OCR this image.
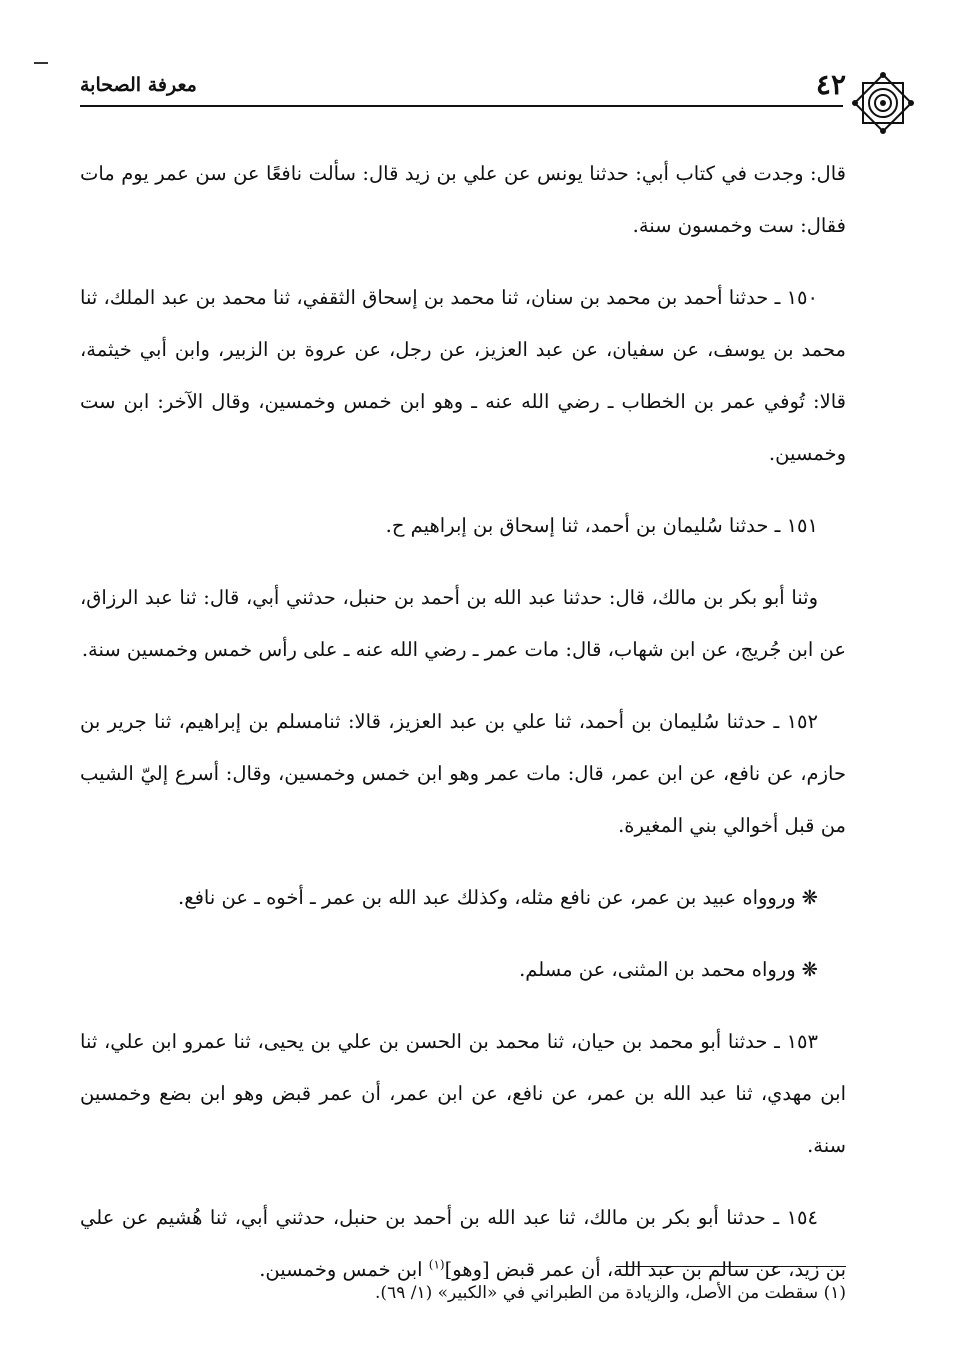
٤٢
معرفة الصحابة

قال: وجدت في كتاب أبي: حدثنا يونس عن علي بن زيد قال: سألت نافعًا عن سن عمر يوم مات فقال: ست وخمسون سنة.

١٥٠ ـ حدثنا أحمد بن محمد بن سنان، ثنا محمد بن إسحاق الثقفي، ثنا محمد بن عبد الملك، ثنا محمد بن يوسف، عن سفيان، عن عبد العزيز، عن رجل، عن عروة بن الزبير، وابن أبي خيثمة، قالا: تُوفي عمر بن الخطاب ـ رضي الله عنه ـ وهو ابن خمس وخمسين، وقال الآخر: ابن ست وخمسين.

١٥١ ـ حدثنا سُليمان بن أحمد، ثنا إسحاق بن إبراهيم ح.

وثنا أبو بكر بن مالك، قال: حدثنا عبد الله بن أحمد بن حنبل، حدثني أبي، قال: ثنا عبد الرزاق، عن ابن جُريج، عن ابن شهاب، قال: مات عمر ـ رضي الله عنه ـ على رأس خمس وخمسين سنة.

١٥٢ ـ حدثنا سُليمان بن أحمد، ثنا علي بن عبد العزيز، قالا: ثنامسلم بن إبراهيم، ثنا جرير بن حازم، عن نافع، عن ابن عمر، قال: مات عمر وهو ابن خمس وخمسين، وقال: أسرع إليّ الشيب من قبل أخوالي بني المغيرة.

❋وروواه عبيد بن عمر، عن نافع مثله، وكذلك عبد الله بن عمر ـ أخوه ـ عن نافع.

❋ورواه محمد بن المثنى، عن مسلم.

١٥٣ ـ حدثنا أبو محمد بن حيان، ثنا محمد بن الحسن بن علي بن يحيى، ثنا عمرو ابن علي، ثنا ابن مهدي، ثنا عبد الله بن عمر، عن نافع، عن ابن عمر، أن عمر قبض وهو ابن بضع وخمسين سنة.

١٥٤ ـ حدثنا أبو بكر بن مالك، ثنا عبد الله بن أحمد بن حنبل، حدثني أبي، ثنا هُشيم عن علي بن زيد، عن سالم بن عبد الله، أن عمر قبض [وهو]$^{(١)}$ ابن خمس وخمسين.

(١) سقطت من الأصل، والزيادة من الطبراني في «الكبير» (١/ ٦٩).
